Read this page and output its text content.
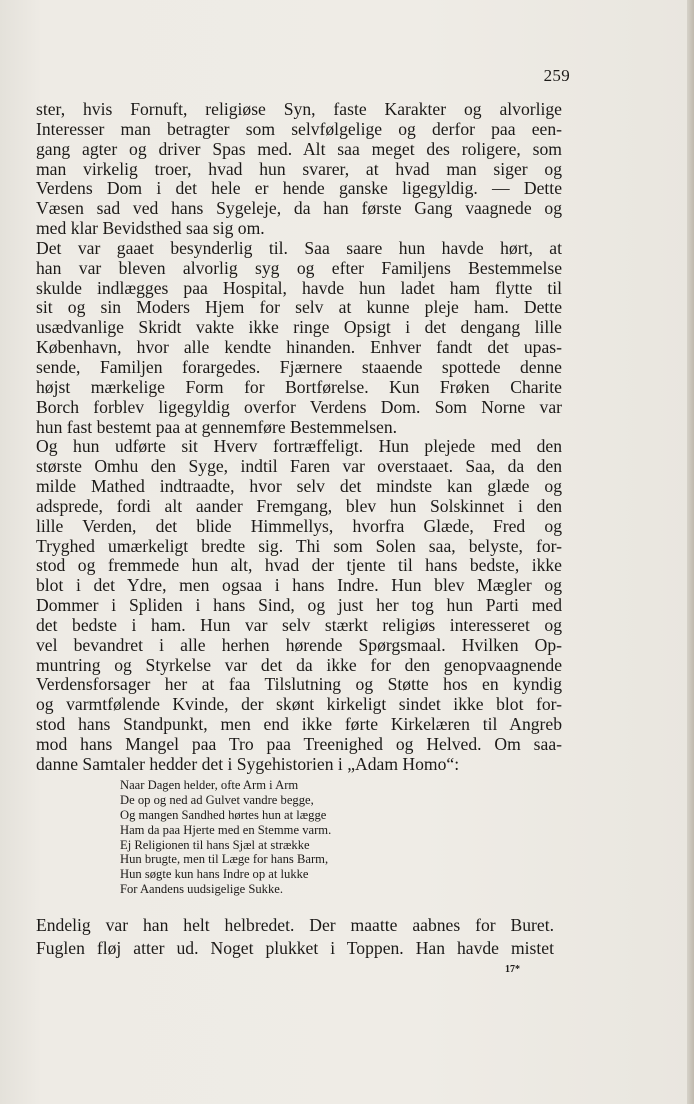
259
ster, hvis Fornuft, religiøse Syn, faste Karakter og alvorlige
Interesser man betragter som selvfølgelige og derfor paa een-
gang agter og driver Spas med. Alt saa meget des roligere, som
man virkelig troer, hvad hun svarer, at hvad man siger og
Verdens Dom i det hele er hende ganske ligegyldig. — Dette
Væsen sad ved hans Sygeleje, da han første Gang vaagnede og
med klar Bevidsthed saa sig om.
Det var gaaet besynderlig til. Saa saare hun havde hørt, at
han var bleven alvorlig syg og efter Familjens Bestemmelse
skulde indlægges paa Hospital, havde hun ladet ham flytte til
sit og sin Moders Hjem for selv at kunne pleje ham. Dette
usædvanlige Skridt vakte ikke ringe Opsigt i det dengang lille
København, hvor alle kendte hinanden. Enhver fandt det upas-
sende, Familjen forargedes. Fjærnere staaende spottede denne
højst mærkelige Form for Bortførelse. Kun Frøken Charite
Borch forblev ligegyldig overfor Verdens Dom. Som Norne var
hun fast bestemt paa at gennemføre Bestemmelsen.
Og hun udførte sit Hverv fortræffeligt. Hun plejede med den
største Omhu den Syge, indtil Faren var overstaaet. Saa, da den
milde Mathed indtraadte, hvor selv det mindste kan glæde og
adsprede, fordi alt aander Fremgang, blev hun Solskinnet i den
lille Verden, det blide Himmellys, hvorfra Glæde, Fred og
Tryghed umærkeligt bredte sig. Thi som Solen saa, belyste, for-
stod og fremmede hun alt, hvad der tjente til hans bedste, ikke
blot i det Ydre, men ogsaa i hans Indre. Hun blev Mægler og
Dommer i Spliden i hans Sind, og just her tog hun Parti med
det bedste i ham. Hun var selv stærkt religiøs interesseret og
vel bevandret i alle herhen hørende Spørgsmaal. Hvilken Op-
muntring og Styrkelse var det da ikke for den genopvaagnende
Verdensforsager her at faa Tilslutning og Støtte hos en kyndig
og varmtfølende Kvinde, der skønt kirkeligt sindet ikke blot for-
stod hans Standpunkt, men end ikke førte Kirkelæren til Angreb
mod hans Mangel paa Tro paa Treenighed og Helved. Om saa-
danne Samtaler hedder det i Sygehistorien i „Adam Homo“:
Naar Dagen helder, ofte Arm i Arm
De op og ned ad Gulvet vandre begge,
Og mangen Sandhed hørtes hun at lægge
Ham da paa Hjerte med en Stemme varm.
Ej Religionen til hans Sjæl at strække
Hun brugte, men til Læge for hans Barm,
Hun søgte kun hans Indre op at lukke
For Aandens uudsigelige Sukke.
Endelig var han helt helbredet. Der maatte aabnes for Buret.
Fuglen fløj atter ud. Noget plukket i Toppen. Han havde mistet
17*
